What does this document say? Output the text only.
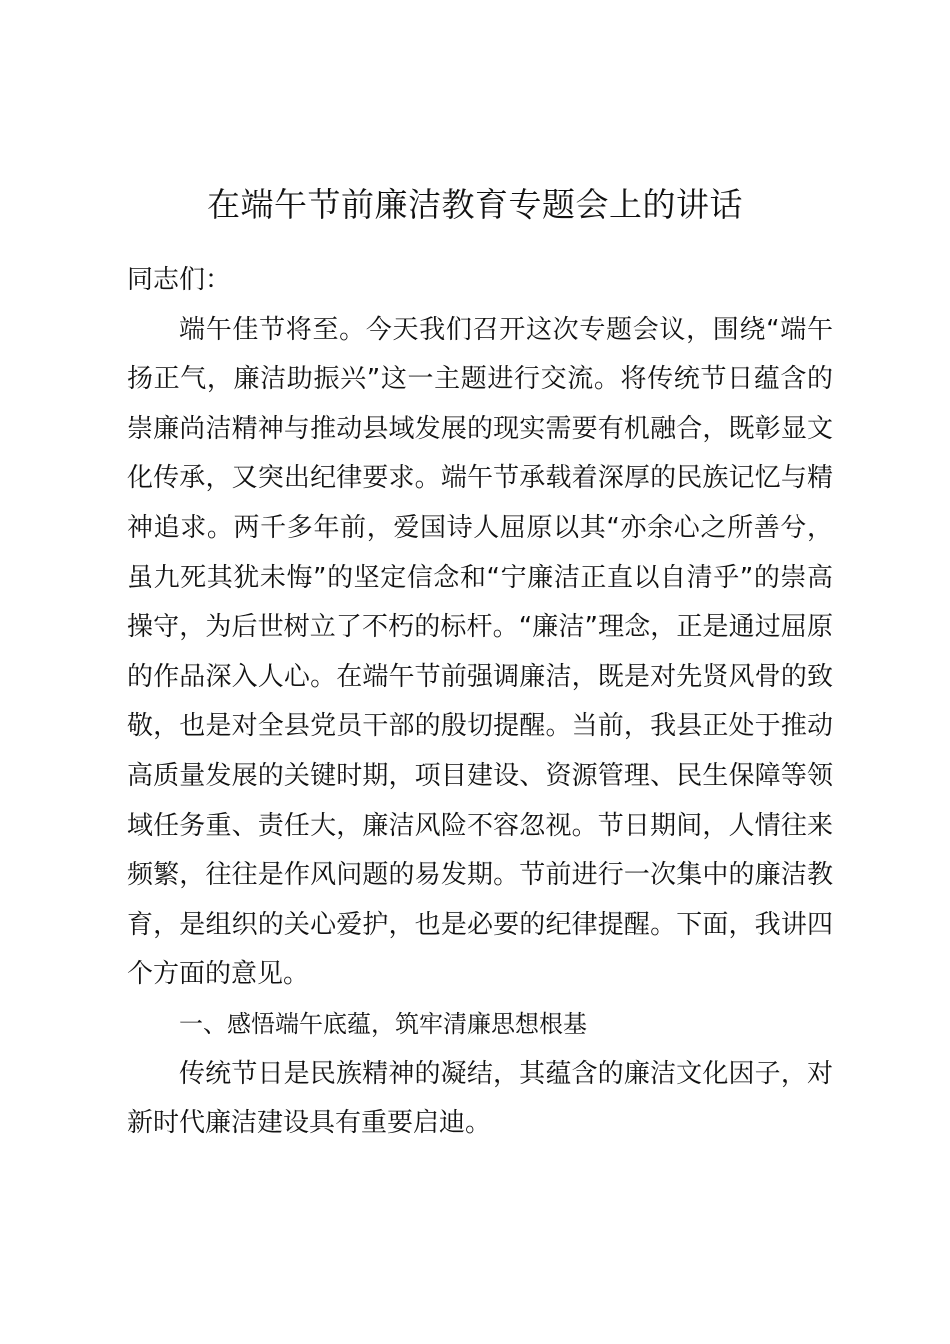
在端午节前廉洁教育专题会上的讲话

同志们：

端午佳节将至。今天我们召开这次专题会议，围绕“端午扬正气，廉洁助振兴”这一主题进行交流。将传统节日蕴含的崇廉尚洁精神与推动县域发展的现实需要有机融合，既彰显文化传承，又突出纪律要求。端午节承载着深厚的民族记忆与精神追求。两千多年前，爱国诗人屈原以其“亦余心之所善兮，虽九死其犹未悔”的坚定信念和“宁廉洁正直以自清乎”的崇高操守，为后世树立了不朽的标杆。“廉洁”理念，正是通过屈原的作品深入人心。在端午节前强调廉洁，既是对先贤风骨的致敬，也是对全县党员干部的殷切提醒。当前，我县正处于推动高质量发展的关键时期，项目建设、资源管理、民生保障等领域任务重、责任大，廉洁风险不容忽视。节日期间，人情往来频繁，往往是作风问题的易发期。节前进行一次集中的廉洁教育，是组织的关心爱护，也是必要的纪律提醒。下面，我讲四个方面的意见。

一、感悟端午底蕴，筑牢清廉思想根基

传统节日是民族精神的凝结，其蕴含的廉洁文化因子，对新时代廉洁建设具有重要启迪。
